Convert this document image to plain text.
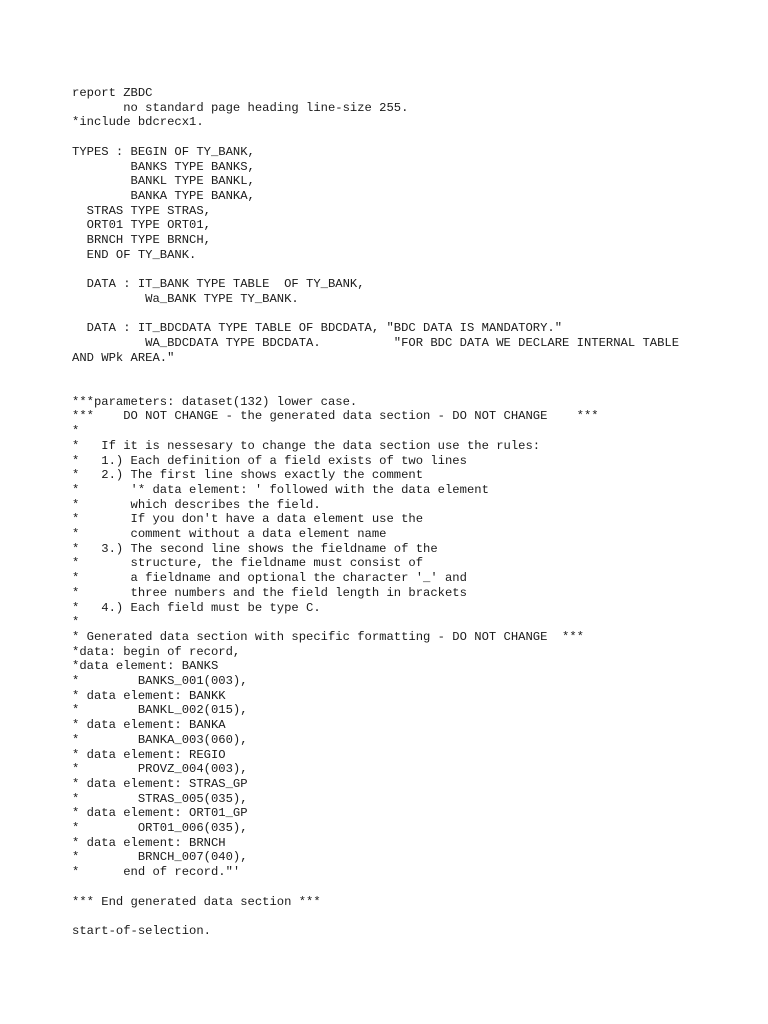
report ZBDC
no standard page heading line-size 255.
*include bdcrecx1.
TYPES : BEGIN OF TY_BANK,
BANKS TYPE BANKS,
BANKL TYPE BANKL,
BANKA TYPE BANKA,
STRAS TYPE STRAS,
ORT01 TYPE ORT01,
BRNCH TYPE BRNCH,
END OF TY_BANK.
DATA : IT_BANK TYPE TABLE  OF TY_BANK,
Wa_BANK TYPE TY_BANK.
DATA : IT_BDCDATA TYPE TABLE OF BDCDATA, "BDC DATA IS MANDATORY."
WA_BDCDATA TYPE BDCDATA.          "FOR BDC DATA WE DECLARE INTERNAL TABLE
AND WPk AREA."
***parameters: dataset(132) lower case.
***    DO NOT CHANGE - the generated data section - DO NOT CHANGE    ***
*
*   If it is nessesary to change the data section use the rules:
*   1.) Each definition of a field exists of two lines
*   2.) The first line shows exactly the comment
*       '* data element: ' followed with the data element
*       which describes the field.
*       If you don't have a data element use the
*       comment without a data element name
*   3.) The second line shows the fieldname of the
*       structure, the fieldname must consist of
*       a fieldname and optional the character '_' and
*       three numbers and the field length in brackets
*   4.) Each field must be type C.
*
* Generated data section with specific formatting - DO NOT CHANGE  ***
*data: begin of record,
*data element: BANKS
*        BANKS_001(003),
* data element: BANKK
*        BANKL_002(015),
* data element: BANKA
*        BANKA_003(060),
* data element: REGIO
*        PROVZ_004(003),
* data element: STRAS_GP
*        STRAS_005(035),
* data element: ORT01_GP
*        ORT01_006(035),
* data element: BRNCH
*        BRNCH_007(040),
*      end of record."'
*** End generated data section ***
start-of-selection.
